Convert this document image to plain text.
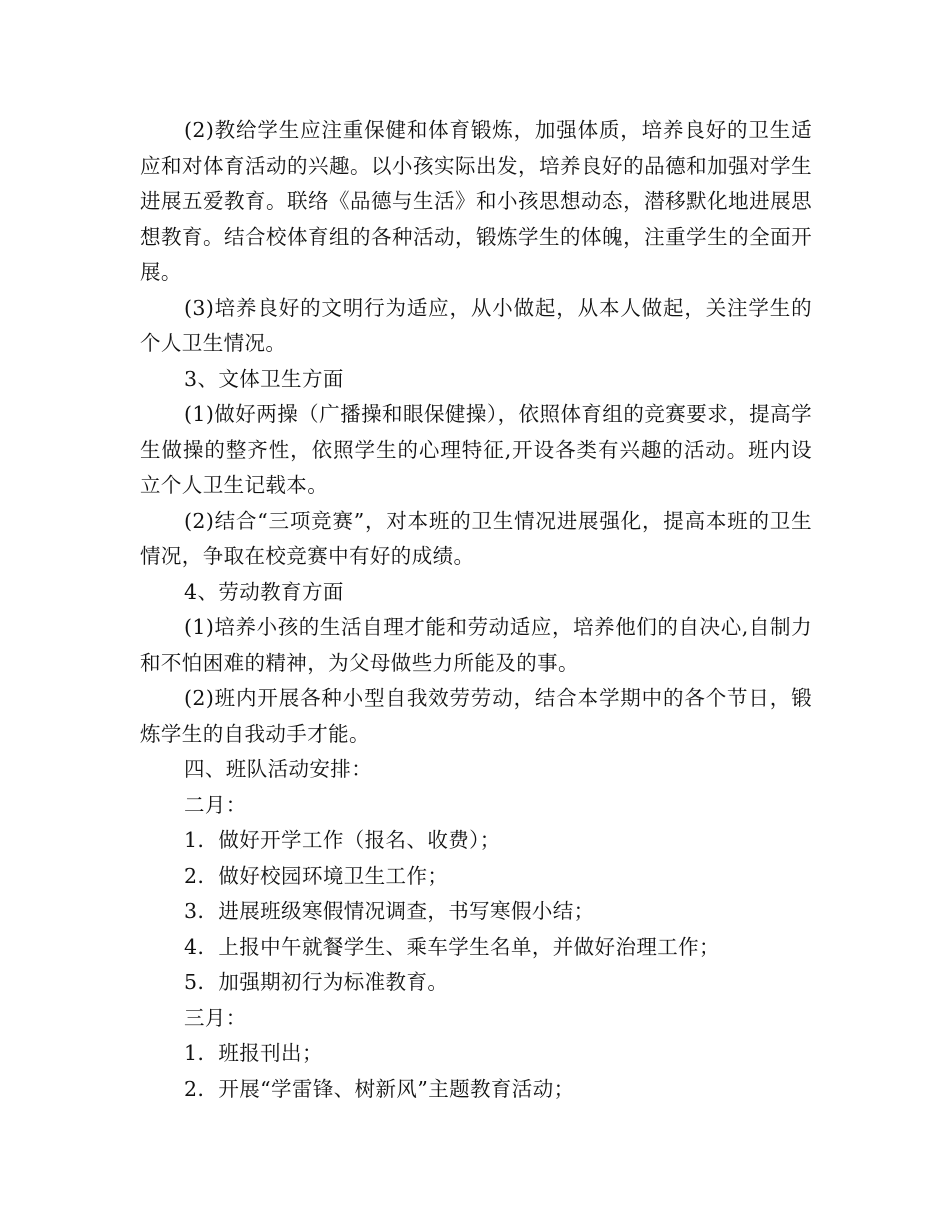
(2)教给学生应注重保健和体育锻炼，加强体质，培养良好的卫生适应和对体育活动的兴趣。以小孩实际出发，培养良好的品德和加强对学生进展五爱教育。联络《品德与生活》和小孩思想动态，潜移默化地进展思想教育。结合校体育组的各种活动，锻炼学生的体魄，注重学生的全面开展。

(3)培养良好的文明行为适应，从小做起，从本人做起，关注学生的个人卫生情况。

3、文体卫生方面

(1)做好两操（广播操和眼保健操），依照体育组的竞赛要求，提高学生做操的整齐性，依照学生的心理特征,开设各类有兴趣的活动。班内设立个人卫生记载本。

(2)结合“三项竞赛”，对本班的卫生情况进展强化，提高本班的卫生情况，争取在校竞赛中有好的成绩。

4、劳动教育方面

(1)培养小孩的生活自理才能和劳动适应，培养他们的自决心,自制力和不怕困难的精神，为父母做些力所能及的事。

(2)班内开展各种小型自我效劳劳动，结合本学期中的各个节日，锻炼学生的自我动手才能。

四、班队活动安排：

二月：

1．做好开学工作（报名、收费）；

2．做好校园环境卫生工作；

3．进展班级寒假情况调查，书写寒假小结；

4．上报中午就餐学生、乘车学生名单，并做好治理工作；

5．加强期初行为标准教育。

三月：

1．班报刊出；

2．开展“学雷锋、树新风”主题教育活动；
